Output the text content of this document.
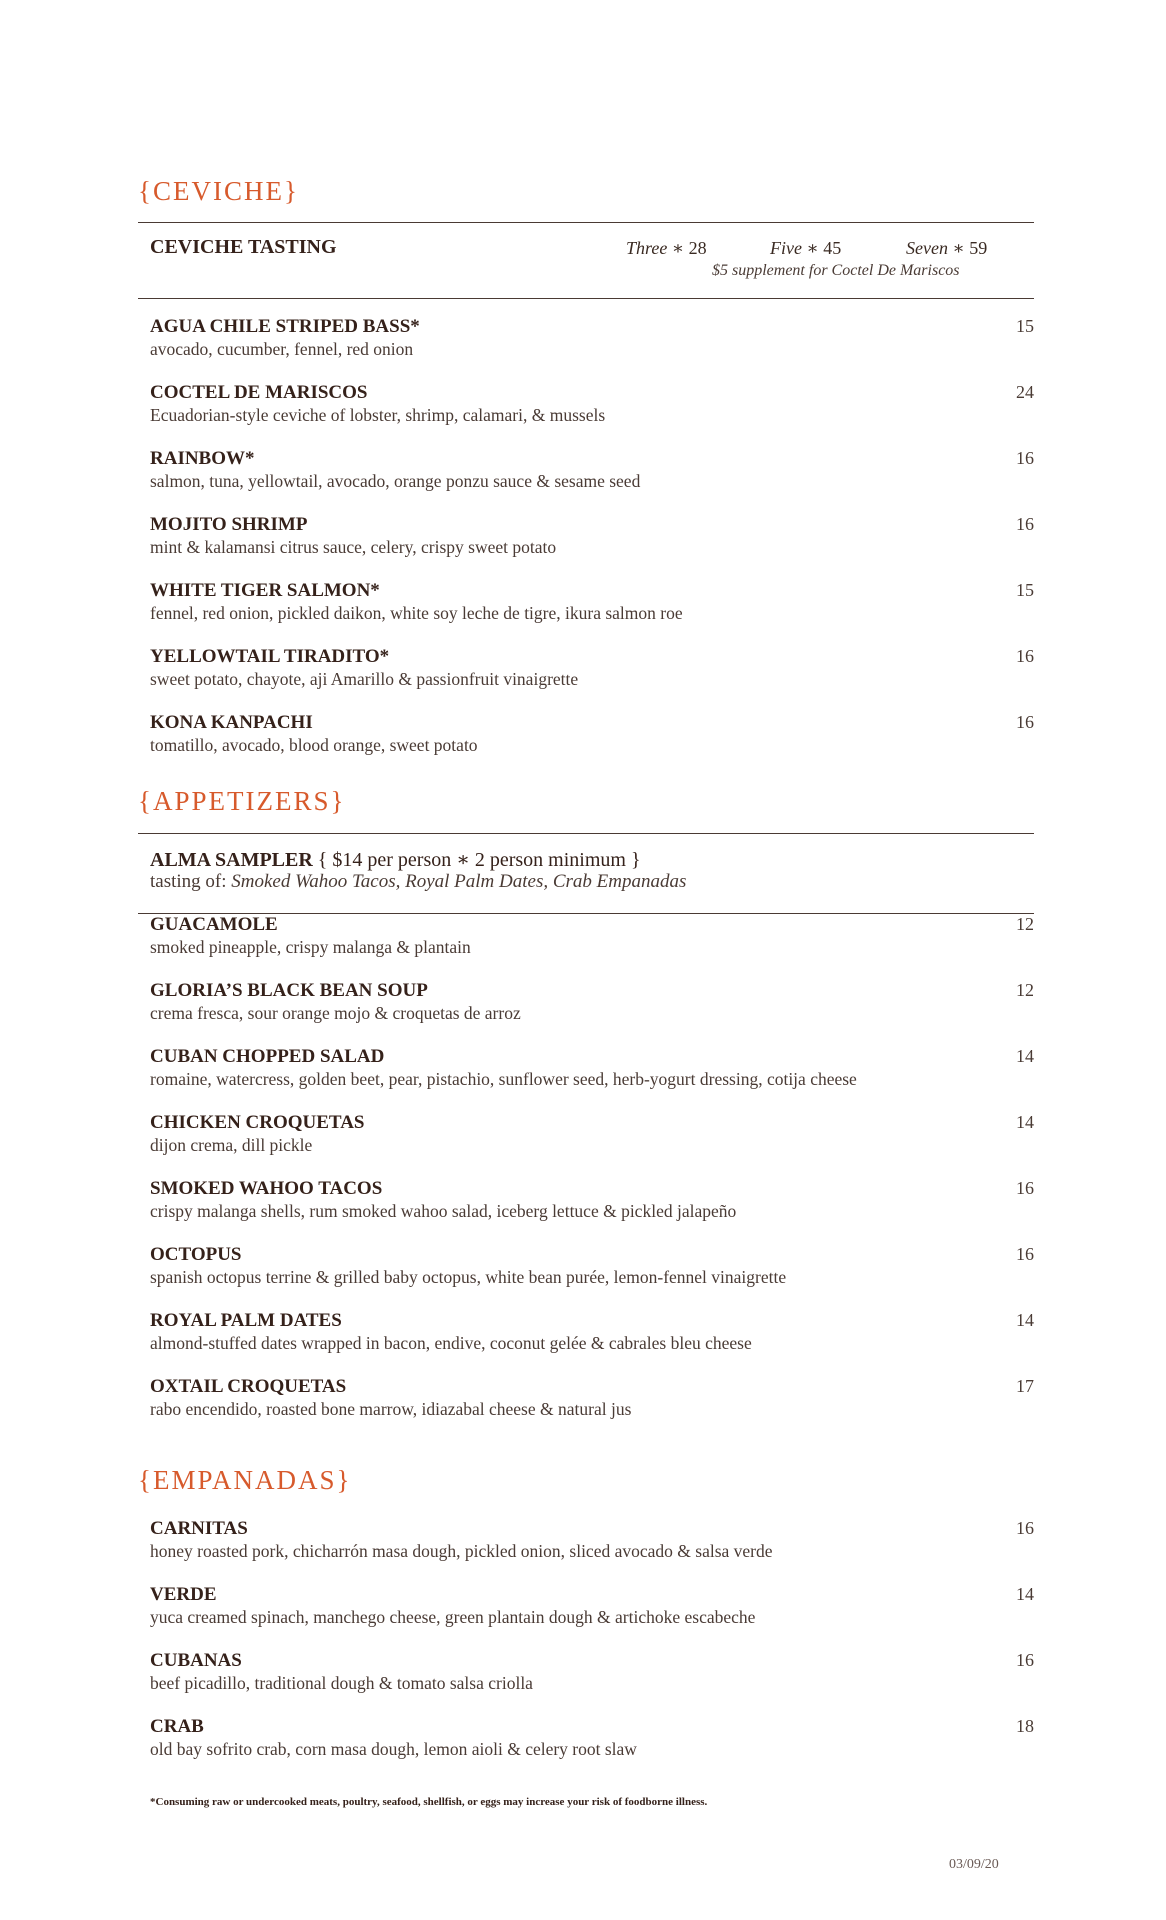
{CEVICHE}
CEVICHE TASTING	Three ∗ 28	Five ∗ 45	Seven ∗ 59
$5 supplement for Coctel De Mariscos
AGUA CHILE STRIPED BASS*
avocado, cucumber, fennel, red onion
15
COCTEL DE MARISCOS
Ecuadorian-style ceviche of lobster, shrimp, calamari, & mussels
24
RAINBOW*
salmon, tuna, yellowtail, avocado, orange ponzu sauce & sesame seed
16
MOJITO SHRIMP
mint & kalamansi citrus sauce, celery, crispy sweet potato
16
WHITE TIGER SALMON*
fennel, red onion, pickled daikon, white soy leche de tigre, ikura salmon roe
15
YELLOWTAIL TIRADITO*
sweet potato, chayote, aji Amarillo & passionfruit vinaigrette
16
KONA KANPACHI
tomatillo, avocado, blood orange, sweet potato
16
{APPETIZERS}
ALMA SAMPLER { $14 per person ∗ 2 person minimum }
tasting of: Smoked Wahoo Tacos, Royal Palm Dates, Crab Empanadas
GUACAMOLE
smoked pineapple, crispy malanga & plantain
12
GLORIA’S BLACK BEAN SOUP
crema fresca, sour orange mojo & croquetas de arroz
12
CUBAN CHOPPED SALAD
romaine, watercress, golden beet, pear, pistachio, sunflower seed, herb-yogurt dressing, cotija cheese
14
CHICKEN CROQUETAS
dijon crema, dill pickle
14
SMOKED WAHOO TACOS
crispy malanga shells, rum smoked wahoo salad, iceberg lettuce & pickled jalapeño
16
OCTOPUS
spanish octopus terrine & grilled baby octopus, white bean purée, lemon-fennel vinaigrette
16
ROYAL PALM DATES
almond-stuffed dates wrapped in bacon, endive, coconut gelée & cabrales bleu cheese
14
OXTAIL CROQUETAS
rabo encendido, roasted bone marrow, idiazabal cheese & natural jus
17
{EMPANADAS}
CARNITAS
honey roasted pork, chicharrón masa dough, pickled onion, sliced avocado & salsa verde
16
VERDE
yuca creamed spinach, manchego cheese, green plantain dough & artichoke escabeche
14
CUBANAS
beef picadillo, traditional dough & tomato salsa criolla
16
CRAB
old bay sofrito crab, corn masa dough, lemon aioli & celery root slaw
18
*Consuming raw or undercooked meats, poultry, seafood, shellfish, or eggs may increase your risk of foodborne illness.
03/09/20
